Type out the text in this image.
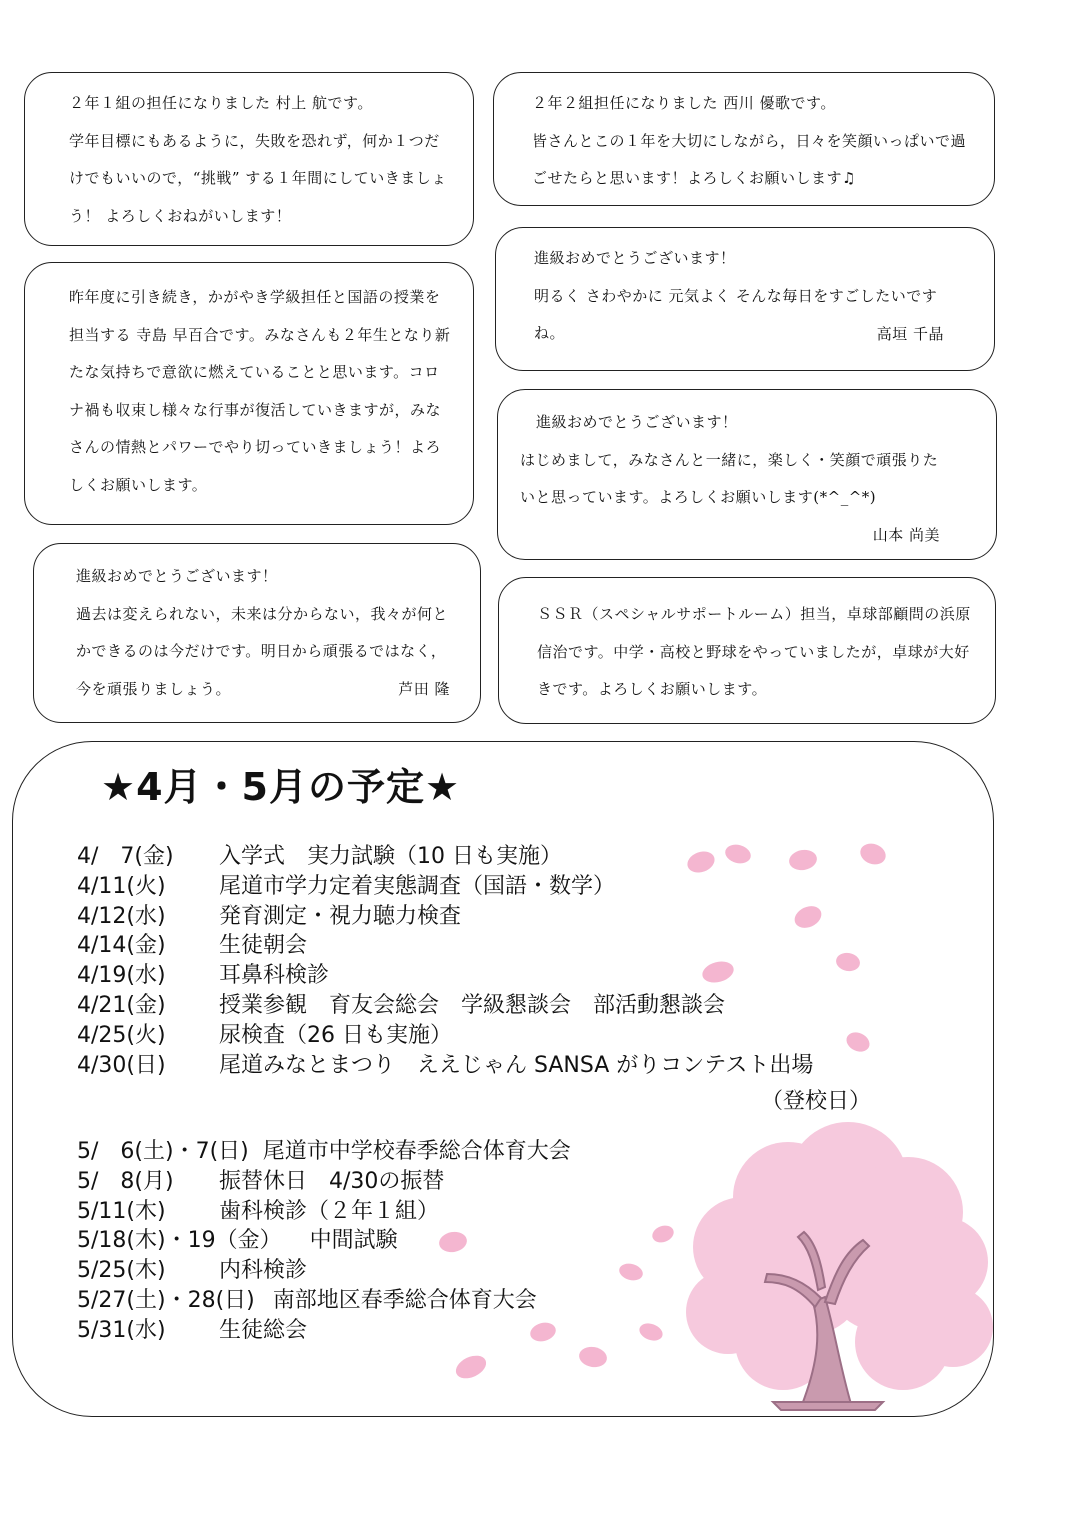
２年１組の担任になりました 村上 航です。

学年目標にもあるように，失敗を恐れず，何か１つだけでもいいので，“挑戦” する１年間にしていきましょう！ よろしくおねがいします！

２年２組担任になりました 西川 優歌です。

皆さんとこの１年を大切にしながら，日々を笑顔いっぱいで過ごせたらと思います！よろしくお願いします♫

昨年度に引き続き，かがやき学級担任と国語の授業を担当する 寺島 早百合です。みなさんも２年生となり新たな気持ちで意欲に燃えていることと思います。コロナ禍も収束し様々な行事が復活していきますが，みなさんの情熱とパワーでやり切っていきましょう！よろしくお願いします。

進級おめでとうございます！

明るく さわやかに 元気よく そんな毎日をすごしたいですね。	高垣 千晶

進級おめでとうございます！

はじめまして，みなさんと一緒に，楽しく・笑顔で頑張りたいと思っています。よろしくお願いします(*^_^*)

山本 尚美

進級おめでとうございます！

過去は変えられない，未来は分からない，我々が何とかできるのは今だけです。明日から頑張るではなく，今を頑張りましょう。	芦田 隆

ＳＳＲ（スペシャルサポートルーム）担当，卓球部顧問の浜原 信治です。中学・高校と野球をやっていましたが，卓球が大好きです。よろしくお願いします。

★4月・5月の予定★
4/　7(金) 入学式　実力試験（10 日も実施）
4/11(火) 尾道市学力定着実態調査（国語・数学）
4/12(水) 発育測定・視力聴力検査
4/14(金) 生徒朝会
4/19(水) 耳鼻科検診
4/21(金) 授業参観　育友会総会　学級懇談会　部活動懇談会
4/25(火) 尿検査（26 日も実施）
4/30(日) 尾道みなとまつり　ええじゃん SANSA がりコンテスト出場

（登校日）

5/　6(土)・7(日) 尾道市中学校春季総合体育大会
5/　8(月) 振替休日　4/30の振替
5/11(木) 歯科検診（２年１組）
5/18(木)・19（金） 中間試験
5/25(木) 内科検診
5/27(土)・28(日) 南部地区春季総合体育大会
5/31(水) 生徒総会
